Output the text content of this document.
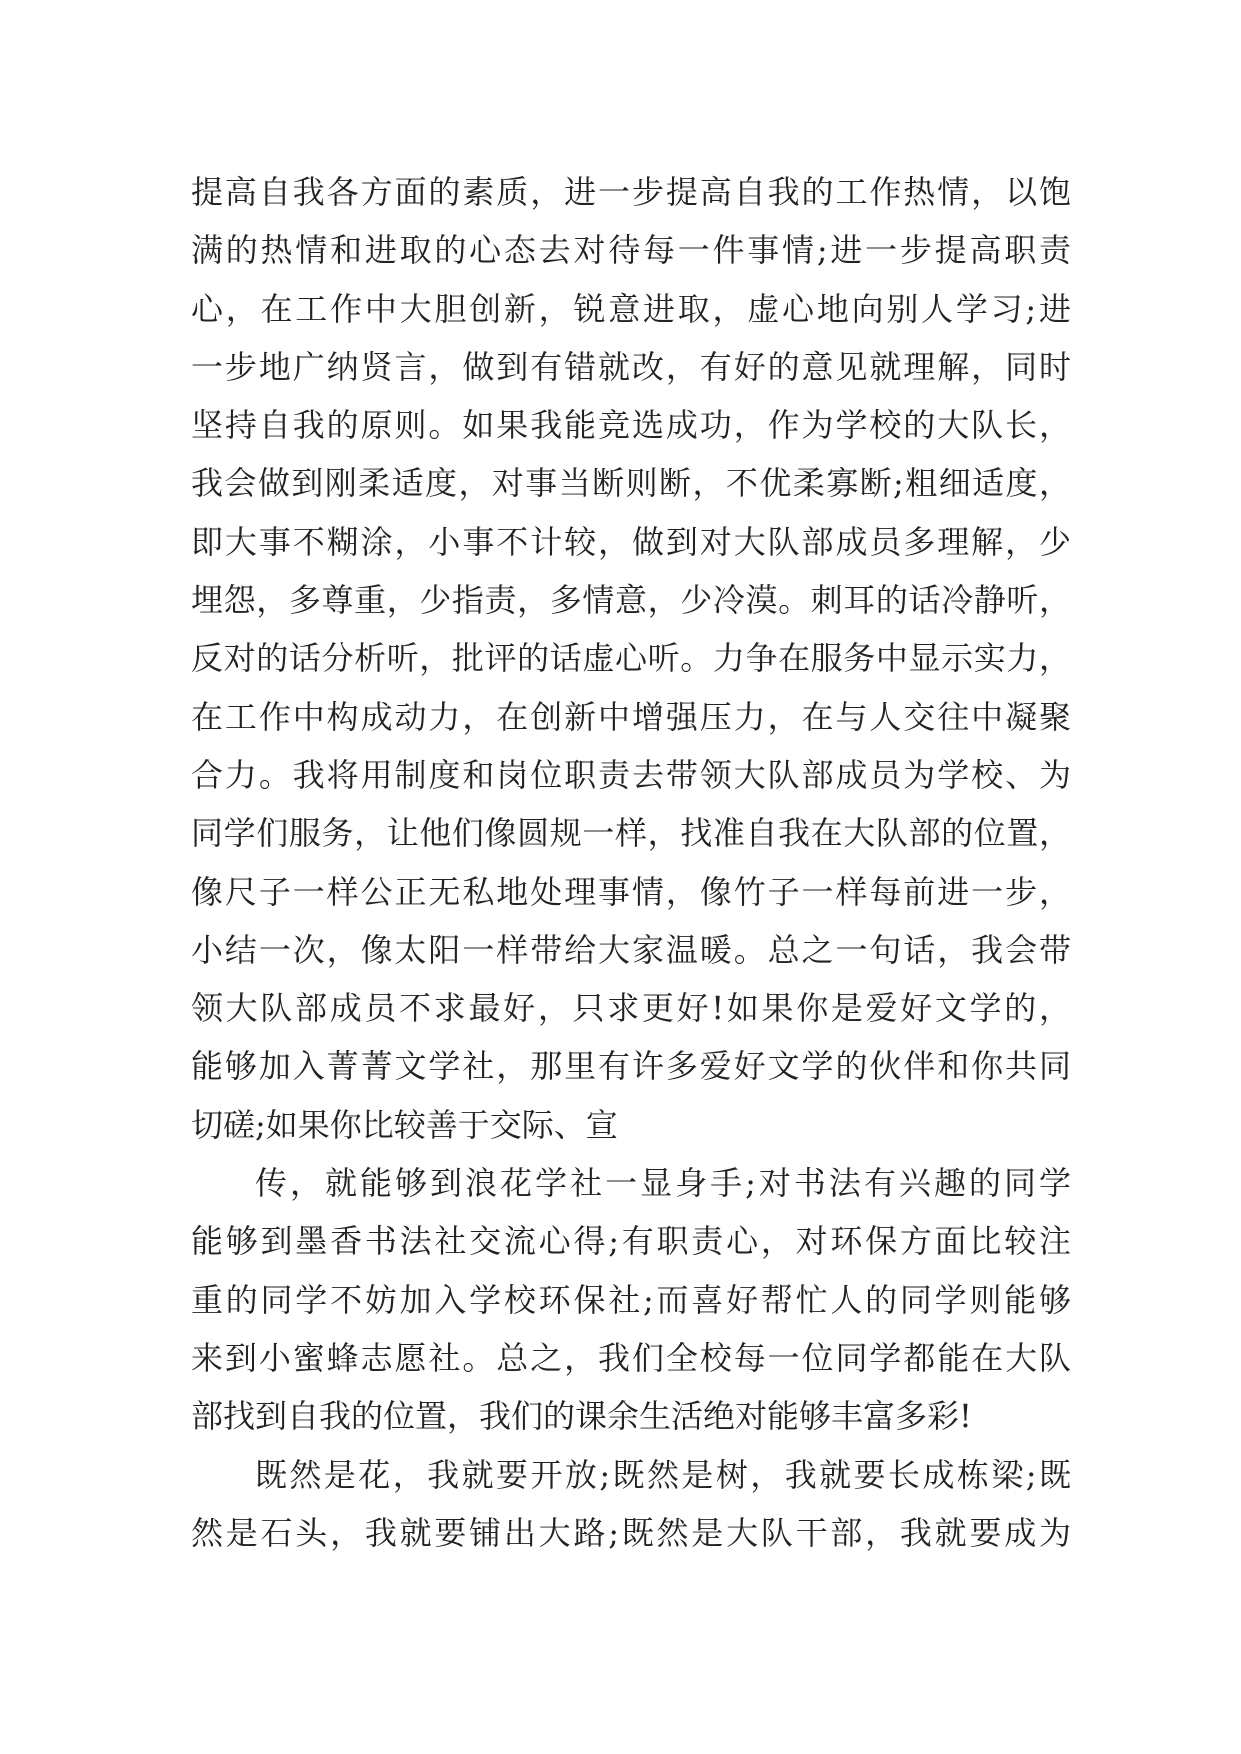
提高自我各方面的素质，进一步提高自我的工作热情，以饱
满的热情和进取的心态去对待每一件事情;进一步提高职责
心，在工作中大胆创新，锐意进取，虚心地向别人学习;进
一步地广纳贤言，做到有错就改，有好的意见就理解，同时
坚持自我的原则。如果我能竞选成功，作为学校的大队长，
我会做到刚柔适度，对事当断则断，不优柔寡断;粗细适度，
即大事不糊涂，小事不计较，做到对大队部成员多理解，少
埋怨，多尊重，少指责，多情意，少冷漠。刺耳的话冷静听，
反对的话分析听，批评的话虚心听。力争在服务中显示实力，
在工作中构成动力，在创新中增强压力，在与人交往中凝聚
合力。我将用制度和岗位职责去带领大队部成员为学校、为
同学们服务，让他们像圆规一样，找准自我在大队部的位置，
像尺子一样公正无私地处理事情，像竹子一样每前进一步，
小结一次，像太阳一样带给大家温暖。总之一句话，我会带
领大队部成员不求最好，只求更好!如果你是爱好文学的，
能够加入菁菁文学社，那里有许多爱好文学的伙伴和你共同
切磋;如果你比较善于交际、宣
传，就能够到浪花学社一显身手;对书法有兴趣的同学
能够到墨香书法社交流心得;有职责心，对环保方面比较注
重的同学不妨加入学校环保社;而喜好帮忙人的同学则能够
来到小蜜蜂志愿社。总之，我们全校每一位同学都能在大队
部找到自我的位置，我们的课余生活绝对能够丰富多彩!
既然是花，我就要开放;既然是树，我就要长成栋梁;既
然是石头，我就要铺出大路;既然是大队干部，我就要成为
